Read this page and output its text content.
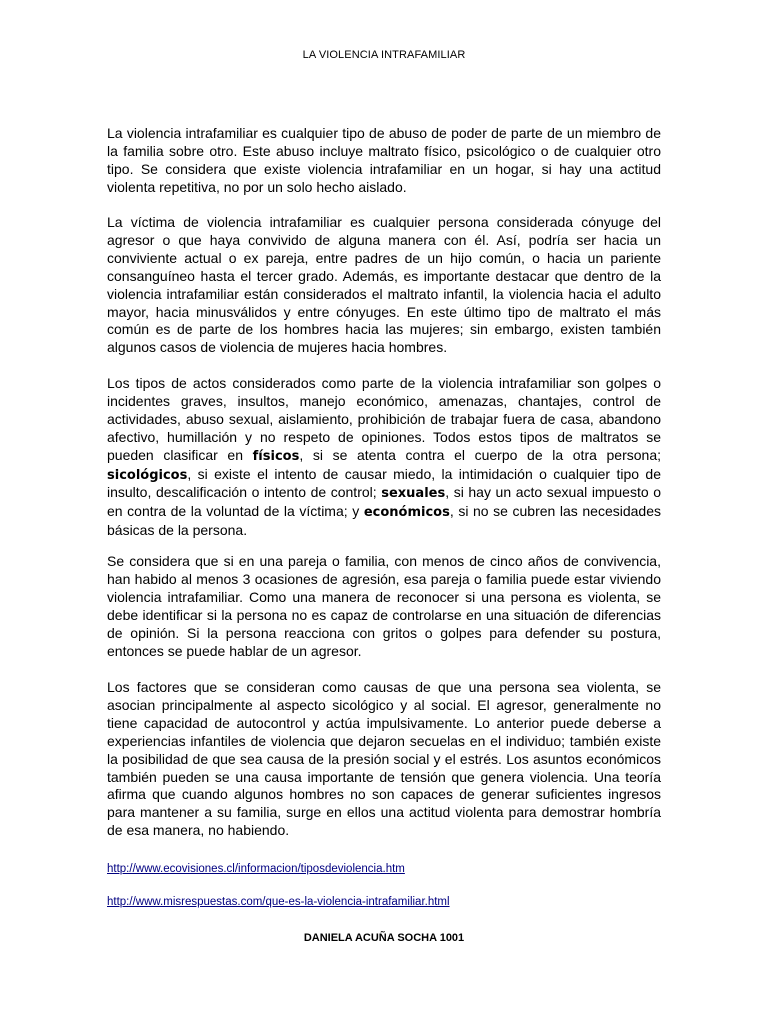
LA VIOLENCIA INTRAFAMILIAR

La violencia intrafamiliar es cualquier tipo de abuso de poder de parte de un miembro de la familia sobre otro. Este abuso incluye maltrato físico, psicológico o de cualquier otro tipo. Se considera que existe violencia intrafamiliar en un hogar, si hay una actitud violenta repetitiva, no por un solo hecho aislado.

La víctima de violencia intrafamiliar es cualquier persona considerada cónyuge del agresor o que haya convivido de alguna manera con él. Así, podría ser hacia un conviviente actual o ex pareja, entre padres de un hijo común, o hacia un pariente consanguíneo hasta el tercer grado. Además, es importante destacar que dentro de la violencia intrafamiliar están considerados el maltrato infantil, la violencia hacia el adulto mayor, hacia minusválidos y entre cónyuges. En este último tipo de maltrato el más común es de parte de los hombres hacia las mujeres; sin embargo, existen también algunos casos de violencia de mujeres hacia hombres.

Los tipos de actos considerados como parte de la violencia intrafamiliar son golpes o incidentes graves, insultos, manejo económico, amenazas, chantajes, control de actividades, abuso sexual, aislamiento, prohibición de trabajar fuera de casa, abandono afectivo, humillación y no respeto de opiniones. Todos estos tipos de maltratos se pueden clasificar en físicos, si se atenta contra el cuerpo de la otra persona; sicológicos, si existe el intento de causar miedo, la intimidación o cualquier tipo de insulto, descalificación o intento de control; sexuales, si hay un acto sexual impuesto o en contra de la voluntad de la víctima; y económicos, si no se cubren las necesidades básicas de la persona.

Se considera que si en una pareja o familia, con menos de cinco años de convivencia, han habido al menos 3 ocasiones de agresión, esa pareja o familia puede estar viviendo violencia intrafamiliar. Como una manera de reconocer si una persona es violenta, se debe identificar si la persona no es capaz de controlarse en una situación de diferencias de opinión. Si la persona reacciona con gritos o golpes para defender su postura, entonces se puede hablar de un agresor.

Los factores que se consideran como causas de que una persona sea violenta, se asocian principalmente al aspecto sicológico y al social. El agresor, generalmente no tiene capacidad de autocontrol y actúa impulsivamente. Lo anterior puede deberse a experiencias infantiles de violencia que dejaron secuelas en el individuo; también existe la posibilidad de que sea causa de la presión social y el estrés. Los asuntos económicos también pueden se una causa importante de tensión que genera violencia. Una teoría afirma que cuando algunos hombres no son capaces de generar suficientes ingresos para mantener a su familia, surge en ellos una actitud violenta para demostrar hombría de esa manera, no habiendo.

http://www.ecovisiones.cl/informacion/tiposdeviolencia.htm
http://www.misrespuestas.com/que-es-la-violencia-intrafamiliar.html
DANIELA ACUÑA SOCHA 1001
